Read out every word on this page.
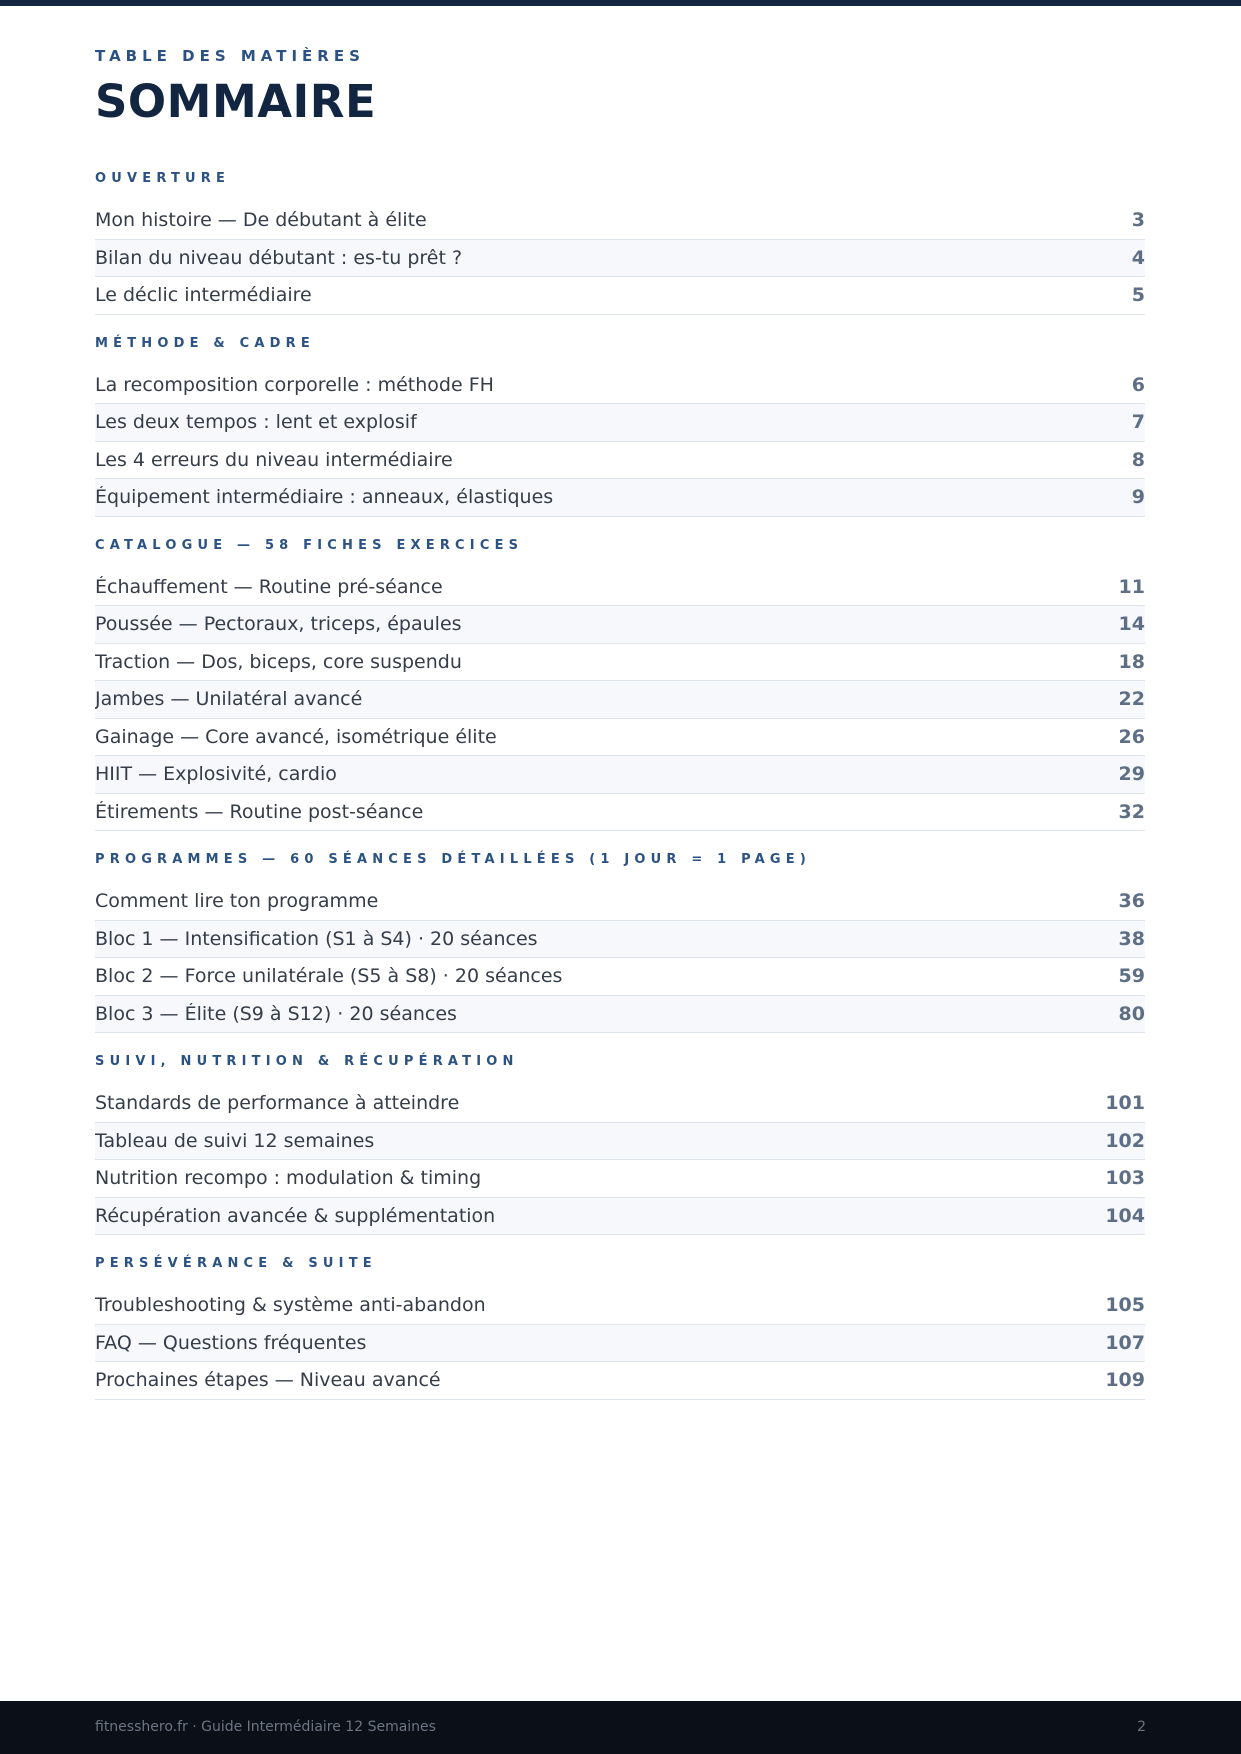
TABLE DES MATIÈRES
SOMMAIRE
OUVERTURE
Mon histoire — De débutant à élite	3
Bilan du niveau débutant : es-tu prêt ?	4
Le déclic intermédiaire	5
MÉTHODE & CADRE
La recomposition corporelle : méthode FH	6
Les deux tempos : lent et explosif	7
Les 4 erreurs du niveau intermédiaire	8
Équipement intermédiaire : anneaux, élastiques	9
CATALOGUE — 58 FICHES EXERCICES
Échauffement — Routine pré-séance	11
Poussée — Pectoraux, triceps, épaules	14
Traction — Dos, biceps, core suspendu	18
Jambes — Unilatéral avancé	22
Gainage — Core avancé, isométrique élite	26
HIIT — Explosivité, cardio	29
Étirements — Routine post-séance	32
PROGRAMMES — 60 SÉANCES DÉTAILLÉES (1 JOUR = 1 PAGE)
Comment lire ton programme	36
Bloc 1 — Intensification (S1 à S4) · 20 séances	38
Bloc 2 — Force unilatérale (S5 à S8) · 20 séances	59
Bloc 3 — Élite (S9 à S12) · 20 séances	80
SUIVI, NUTRITION & RÉCUPÉRATION
Standards de performance à atteindre	101
Tableau de suivi 12 semaines	102
Nutrition recompo : modulation & timing	103
Récupération avancée & supplémentation	104
PERSÉVÉRANCE & SUITE
Troubleshooting & système anti-abandon	105
FAQ — Questions fréquentes	107
Prochaines étapes — Niveau avancé	109
fitnesshero.fr · Guide Intermédiaire 12 Semaines	2
